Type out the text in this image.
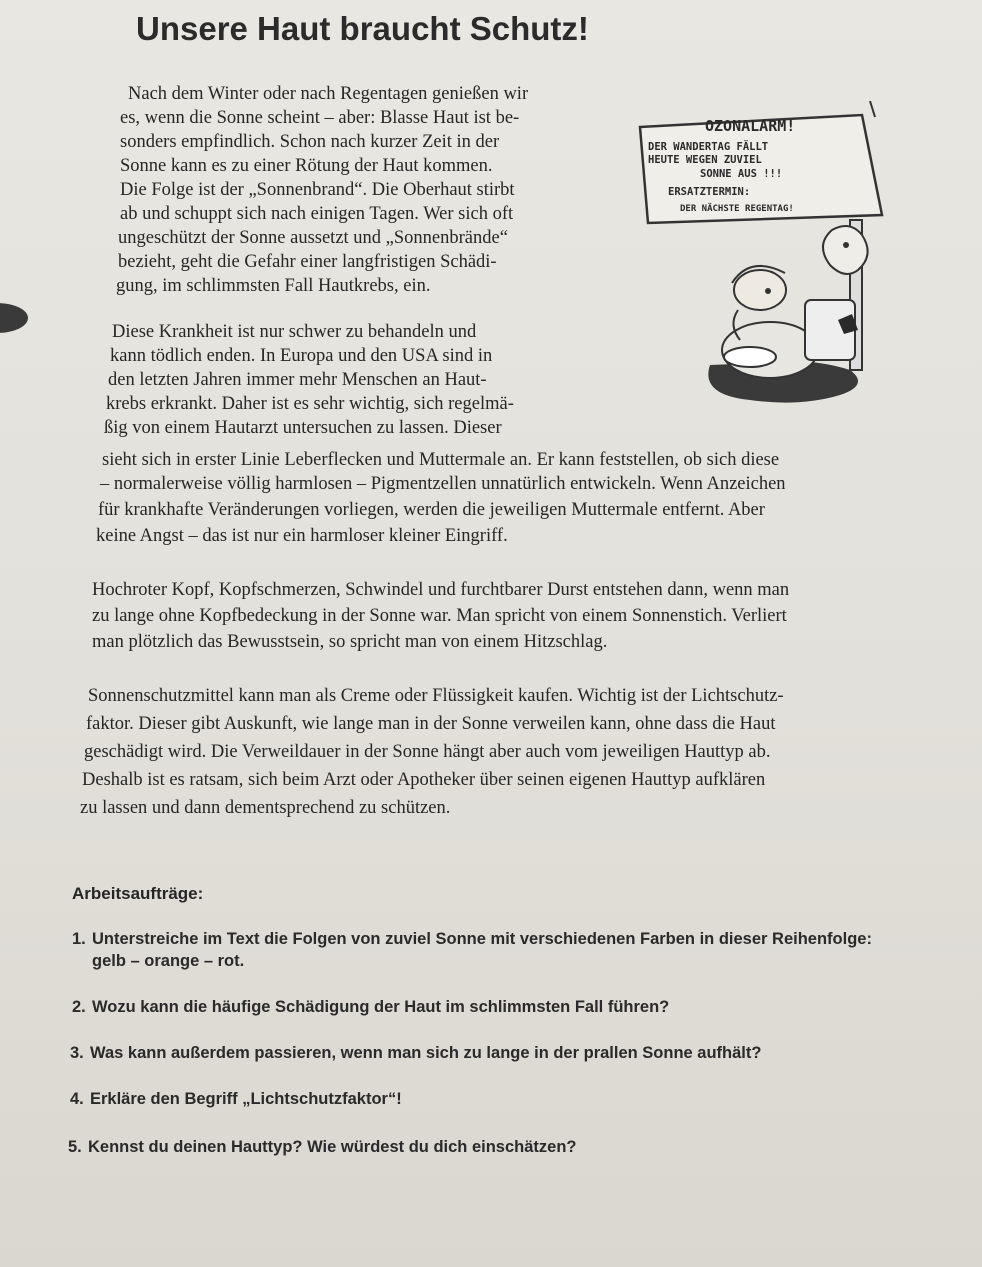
Unsere Haut braucht Schutz!

Nach dem Winter oder nach Regentagen genießen wir

es, wenn die Sonne scheint – aber: Blasse Haut ist be-

sonders empfindlich. Schon nach kurzer Zeit in der

Sonne kann es zu einer Rötung der Haut kommen.

Die Folge ist der „Sonnenbrand“. Die Oberhaut stirbt

ab und schuppt sich nach einigen Tagen. Wer sich oft

ungeschützt der Sonne aussetzt und „Sonnenbrände“

bezieht, geht die Gefahr einer langfristigen Schädi-

gung, im schlimmsten Fall Hautkrebs, ein.

Diese Krankheit ist nur schwer zu behandeln und

kann tödlich enden. In Europa und den USA sind in

den letzten Jahren immer mehr Menschen an Haut-

krebs erkrankt. Daher ist es sehr wichtig, sich regelmä-

ßig von einem Hautarzt untersuchen zu lassen. Dieser

sieht sich in erster Linie Leberflecken und Muttermale an. Er kann feststellen, ob sich diese

– normalerweise völlig harmlosen – Pigmentzellen unnatürlich entwickeln. Wenn Anzeichen

für krankhafte Veränderungen vorliegen, werden die jeweiligen Muttermale entfernt. Aber

keine Angst – das ist nur ein harmloser kleiner Eingriff.

Hochroter Kopf, Kopfschmerzen, Schwindel und furchtbarer Durst entstehen dann, wenn man

zu lange ohne Kopfbedeckung in der Sonne war. Man spricht von einem Sonnenstich. Verliert

man plötzlich das Bewusstsein, so spricht man von einem Hitzschlag.

Sonnenschutzmittel kann man als Creme oder Flüssigkeit kaufen. Wichtig ist der Lichtschutz-

faktor. Dieser gibt Auskunft, wie lange man in der Sonne verweilen kann, ohne dass die Haut

geschädigt wird. Die Verweildauer in der Sonne hängt aber auch vom jeweiligen Hauttyp ab.

Deshalb ist es ratsam, sich beim Arzt oder Apotheker über seinen eigenen Hauttyp aufklären

zu lassen und dann dementsprechend zu schützen.

OZONALARM!
DER WANDERTAG FÄLLT
HEUTE WEGEN ZUVIEL
SONNE AUS !!!
ERSATZTERMIN:
DER NÄCHSTE REGENTAG!

Arbeitsaufträge:

1. Unterstreiche im Text die Folgen von zuviel Sonne mit verschiedenen Farben in dieser Reihenfolge:

gelb – orange – rot.

2. Wozu kann die häufige Schädigung der Haut im schlimmsten Fall führen?

3. Was kann außerdem passieren, wenn man sich zu lange in der prallen Sonne aufhält?

4. Erkläre den Begriff „Lichtschutzfaktor“!

5. Kennst du deinen Hauttyp? Wie würdest du dich einschätzen?
